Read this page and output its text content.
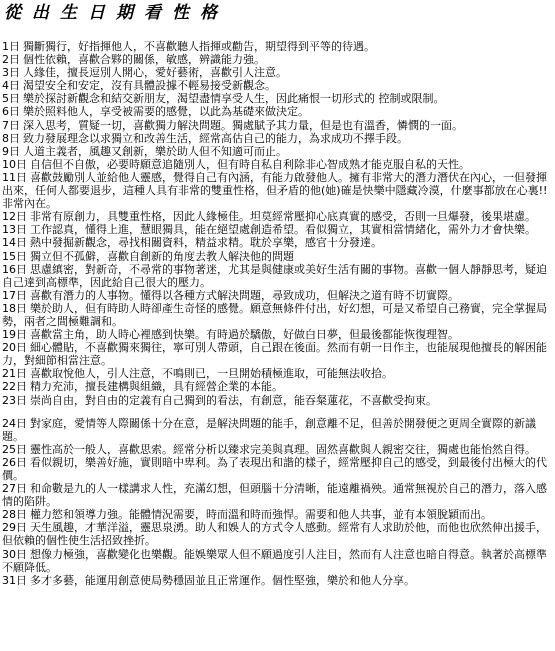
從出生日期看性格

1日 獨斷獨行，好指揮他人，不喜歡聽人指揮或勸告，期望得到平等的待遇。

2日 個性依賴，喜歡合夥的關係，敏感，辨識能力強。

3日 人緣佳，擅長逗別人開心，愛好藝術，喜歡引人注意。

4日 渴望安全和安定，沒有具體設據不輕易接受新觀念。

5日 樂於探討新觀念和結交新朋友，渴望盡情享受人生，因此痛恨一切形式的 控制或限制。

6日 樂於照料他人，享受被需要的感覺，以此為基礎來做決定。

7日 深入思考，質疑一切，喜歡獨力解決問題。獨處賦予其力量，但是也有溫香，憐憫的一面。

8日 致力發展理念以求獨立和改善生活，經常高估自己的能力，為求成功不擇手段。

9日 人道主義者，風趣又創新，樂於助人但不知適可而止。

10日 自信但不自傲，必要時願意追隨別人，但有時自私自利除非心智成熟才能克服自私的天性。

11日 喜歡鼓勵別人並給他人靈感，覺得自己有內涵，有能力啟發他人。擁有非常大的潛力潛伏在內心，一但發揮出來，任何人都要退步，這種人具有非常的雙重性格，但矛盾的他(她)確是快樂中隱藏冷漠，什麼事都放在心裏!!非常內在。

12日 非常有原創力，具雙重性格，因此人緣極佳。坦莫經常壓抑心底真實的感受，否則一旦爆發，後果堪慮。

13日 工作認真，懂得上進，慧眼獨具，能在絕望處創造希望。看似獨立，其實相當情緒化，需外力才會快樂。

14日 熱中發掘新觀念，尋找相關資料，精益求精。耽於享樂，感官十分發達。

15日 獨立但不孤僻，喜歡自創新的角度去教人解決他的問題

16日 思慮縝密，對新奇，不尋常的事物著迷，尤其是與健康或美好生活有關的事物。喜歡一個人靜靜思考，疑迫自己達到高標準，因此給自己很大的壓力。

17日 喜歡有潛力的人事物。懂得以各種方式解決問題，尋致成功，但解決之道有時不切實際。

18日 樂於助人，但有時助人時卻產生奇怪的感覺。願意無條件付出，好幻想，可是又希望自己務實，完全掌握局勢，兩者之間極難調和。

19日 喜歡當主角，助人時心裡感到快樂。有時過於驕傲，好做白日夢，但最後都能恢復理智。

20日 細心體貼，不喜歡獨來獨往，寧可別人帶頭，自己跟在後面。然而有朝一日作主，也能展現他擅長的解困能力，對細節相當注意。

21日 喜歡取悅他人，引人注意，不鳴則已，一旦開始積極進取，可能無法收拾。

22日 精力充沛，擅長建構與組織，具有經營企業的本能。

23日 崇尚自由，對自由的定義有自己獨到的看法，有創意，能吞粲蓮花，不喜歡受拘束。

24日 對家庭，愛情等人際關係十分在意，是解決問題的能手，創意離不足，但善於開發便之更周全實際的新議題。

25日 靈性高於一般人，喜歡思索。經常分析以臻求完美與真理。固然喜歡與人親密交往，獨處也能怡然自得。

26日 看似親切，樂善好施，實則暗中卑利。為了表現出和諧的樣子，經常壓抑自己的感受，到最後付出極大的代價。

27日 和命數是九的人一樣講求人性，充滿幻想，但頭腦十分清晰，能遠離禍殃。通常無視於自己的潛力，落入感情的陷阱。

28日 權力慾和領導力強。能體情況需要，時而溫和時而強悍。需要和他人共事，並有本領脫穎而出。

29日 天生風趣，才華洋溢，靈思泉湧。助人和娛人的方式令人感動。經常有人求助於他，而他也欣然伸出援手，但依賴的個性使生活招致挫折。

30日 想像力極強，喜歡變化也樂觀。能娛樂眾人但不願過度引人注目，然而有人注意也暗自得意。執著於高標準不願降低。

31日 多才多藝，能運用創意使局勢穩固並且正常運作。個性堅強，樂於和他人分享。
